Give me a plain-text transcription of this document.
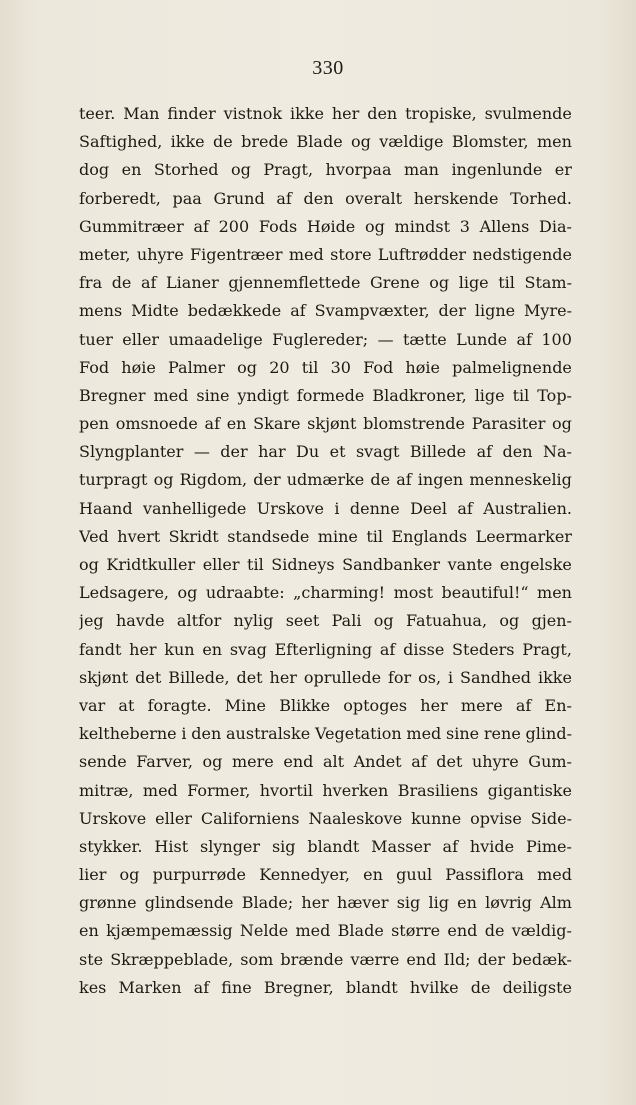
330
teer. Man finder vistnok ikke her den tropiske, svulmende
Saftighed, ikke de brede Blade og vældige Blomster, men
dog en Storhed og Pragt, hvorpaa man ingenlunde er
forberedt, paa Grund af den overalt herskende Torhed.
Gummitræer af 200 Fods Høide og mindst 3 Allens Dia-
meter, uhyre Figentræer med store Luftrødder nedstigende
fra de af Lianer gjennemflettede Grene og lige til Stam-
mens Midte bedækkede af Svampvæxter, der ligne Myre-
tuer eller umaadelige Fuglereder; — tætte Lunde af 100
Fod høie Palmer og 20 til 30 Fod høie palmelignende
Bregner med sine yndigt formede Bladkroner, lige til Top-
pen omsnoede af en Skare skjønt blomstrende Parasiter og
Slyngplanter — der har Du et svagt Billede af den Na-
turpragt og Rigdom, der udmærke de af ingen menneskelig
Haand vanhelligede Urskove i denne Deel af Australien.
Ved hvert Skridt standsede mine til Englands Leermarker
og Kridtkuller eller til Sidneys Sandbanker vante engelske
Ledsagere, og udraabte: „charming! most beautiful!“ men
jeg havde altfor nylig seet Pali og Fatuahua, og gjen-
fandt her kun en svag Efterligning af disse Steders Pragt,
skjønt det Billede, det her oprullede for os, i Sandhed ikke
var at foragte. Mine Blikke optoges her mere af En-
keltheberne i den australske Vegetation med sine rene glind-
sende Farver, og mere end alt Andet af det uhyre Gum-
mitræ, med Former, hvortil hverken Brasiliens gigantiske
Urskove eller Californiens Naaleskove kunne opvise Side-
stykker. Hist slynger sig blandt Masser af hvide Pime-
lier og purpurrøde Kennedyer, en guul Passiflora med
grønne glindsende Blade; her hæver sig lig en løvrig Alm
en kjæmpemæssig Nelde med Blade større end de vældig-
ste Skræppeblade, som brænde værre end Ild; der bedæk-
kes Marken af fine Bregner, blandt hvilke de deiligste
